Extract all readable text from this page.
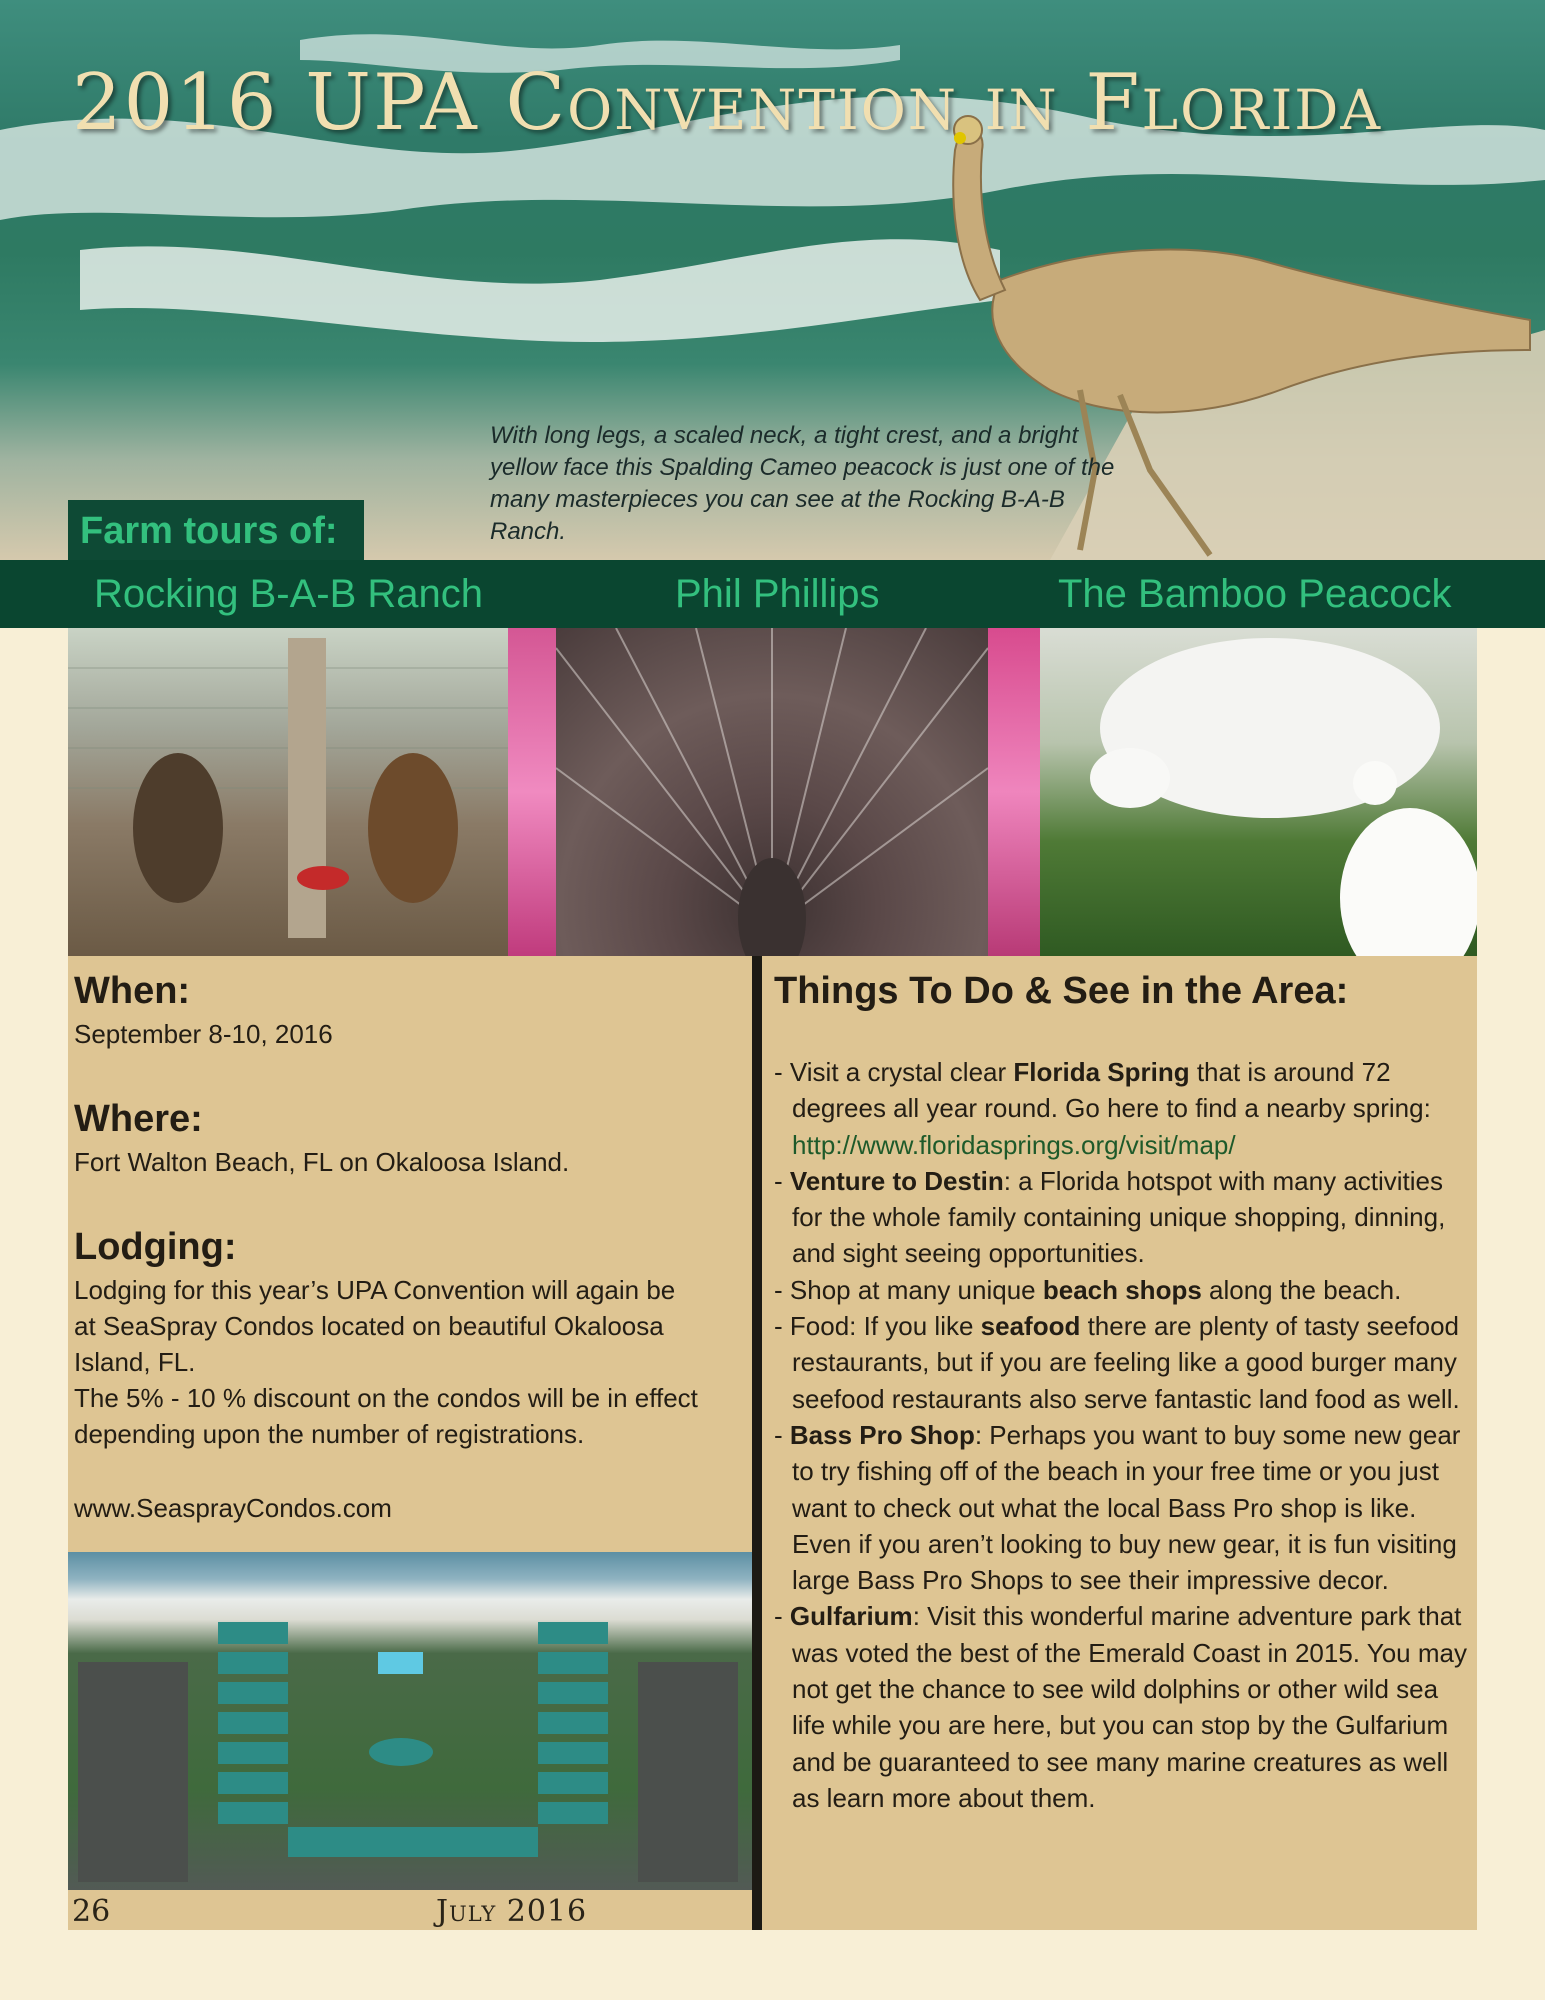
2016 UPA Convention in Florida
With long legs, a scaled neck, a tight crest, and a bright yellow face this Spalding Cameo peacock is just one of the many masterpieces you can see at the Rocking B-A-B Ranch.
Farm tours of:
Rocking B-A-B Ranch	Phil Phillips	The Bamboo Peacock
When:
September 8-10, 2016
Where:
Fort Walton Beach, FL on Okaloosa Island.
Lodging:
Lodging for this year’s UPA Convention will again be
at SeaSpray Condos located on beautiful Okaloosa
Island, FL.
The 5% - 10 % discount on the condos will be in effect
depending upon the number of registrations.
www.SeasprayCondos.com
26	July 2016
Things To Do & See in the Area:
- Visit a crystal clear Florida Spring that is around 72 degrees all year round. Go here to find a nearby spring: http://www.floridasprings.org/visit/map/
- Venture to Destin: a Florida hotspot with many activities for the whole family containing unique shopping, dinning, and sight seeing opportunities.
- Shop at many unique beach shops along the beach.
- Food: If you like seafood there are plenty of tasty seefood restaurants, but if you are feeling like a good burger many seefood restaurants also serve fantastic land food as well.
- Bass Pro Shop: Perhaps you want to buy some new gear to try fishing off of the beach in your free time or you just want to check out what the local Bass Pro shop is like. Even if you aren’t looking to buy new gear, it is fun visiting large Bass Pro Shops to see their impressive decor.
- Gulfarium: Visit this wonderful marine adventure park that was voted the best of the Emerald Coast in 2015. You may not get the chance to see wild dolphins or other wild sea life while you are here, but you can stop by the Gulfarium and be guaranteed to see many marine creatures as well as learn more about them.
